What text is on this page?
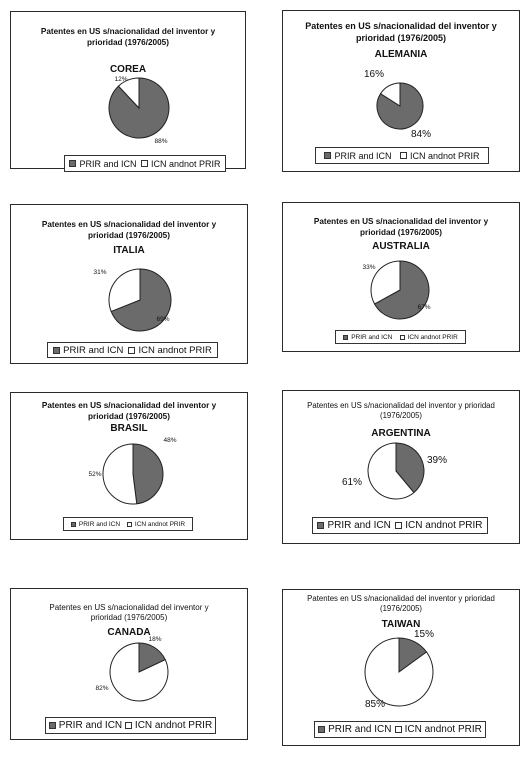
Patentes en US s/nacionalidad del inventor y prioridad (1976/2005)
COREA
88%
12%
PRIR and ICN ICN andnot PRIR
Patentes en US s/nacionalidad del inventor y prioridad (1976/2005)
ALEMANIA
84%
16%
PRIR and ICN ICN andnot PRIR
Patentes en US s/nacionalidad del inventor y prioridad (1976/2005)
ITALIA
69%
31%
PRIR and ICN ICN andnot PRIR
Patentes en US s/nacionalidad del inventor y prioridad (1976/2005)
AUSTRALIA
67%
33%
PRIR and ICN ICN andnot PRIR
Patentes en US s/nacionalidad del inventor y prioridad (1976/2005)
BRASIL
48%
52%
PRIR and ICN ICN andnot PRIR
Patentes en US s/nacionalidad del inventor y prioridad (1976/2005)
ARGENTINA
39%
61%
PRIR and ICN ICN andnot PRIR
Patentes en US s/nacionalidad del inventor y prioridad (1976/2005)
CANADA
18%
82%
PRIR and ICN ICN andnot PRIR
Patentes en US s/nacionalidad del inventor y prioridad (1976/2005)
TAIWAN
15%
85%
PRIR and ICN ICN andnot PRIR
